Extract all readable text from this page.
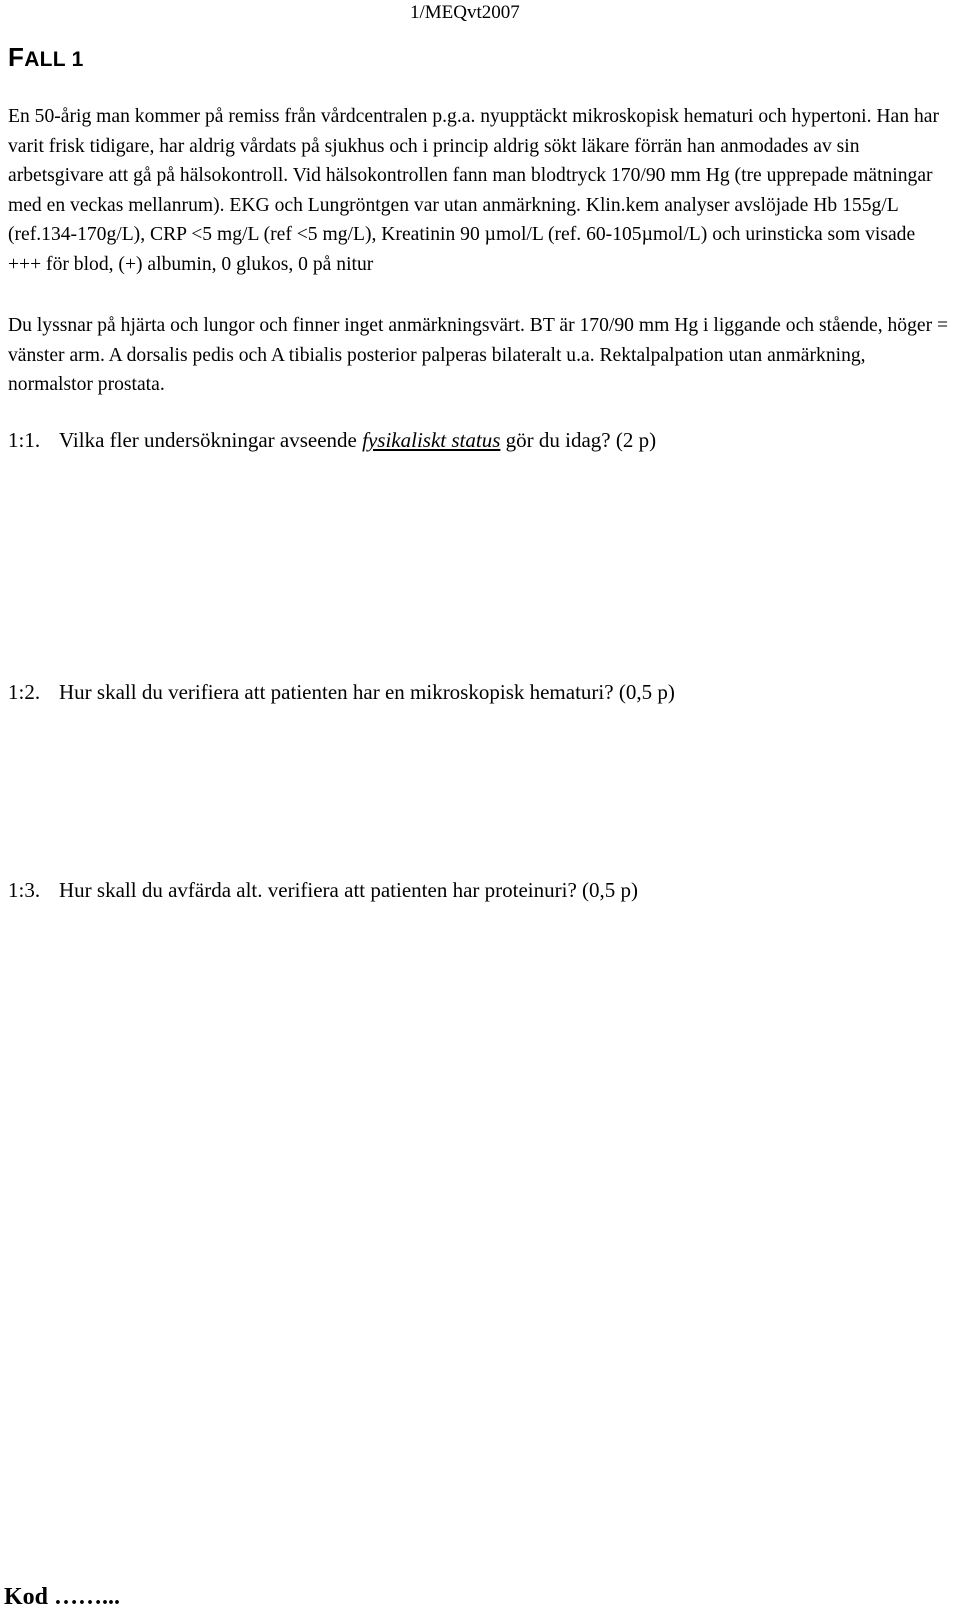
1/MEQvt2007
FALL 1
En 50-årig man kommer på remiss från vårdcentralen p.g.a. nyupptäckt mikroskopisk hematuri och hypertoni. Han har varit frisk tidigare, har aldrig vårdats på sjukhus och i princip aldrig sökt läkare förrän han anmodades av sin arbetsgivare att gå på hälsokontroll. Vid hälsokontrollen fann man blodtryck 170/90 mm Hg (tre upprepade mätningar med en veckas mellanrum). EKG och Lungröntgen var utan anmärkning. Klin.kem analyser avslöjade Hb 155g/L (ref.134-170g/L), CRP <5 mg/L (ref <5 mg/L), Kreatinin 90 µmol/L (ref. 60-105µmol/L) och urinsticka som visade +++ för blod, (+) albumin, 0 glukos, 0 på nitur
Du lyssnar på hjärta och lungor och finner inget anmärkningsvärt. BT är 170/90 mm Hg i liggande och stående, höger = vänster arm. A dorsalis pedis och A tibialis posterior palperas bilateralt u.a. Rektalpalpation utan anmärkning, normalstor prostata.
1:1. Vilka fler undersökningar avseende fysikaliskt status gör du idag? (2 p)
1:2. Hur skall du verifiera att patienten har en mikroskopisk hematuri? (0,5 p)
1:3. Hur skall du avfärda alt. verifiera att patienten har proteinuri? (0,5 p)
Kod ……...
